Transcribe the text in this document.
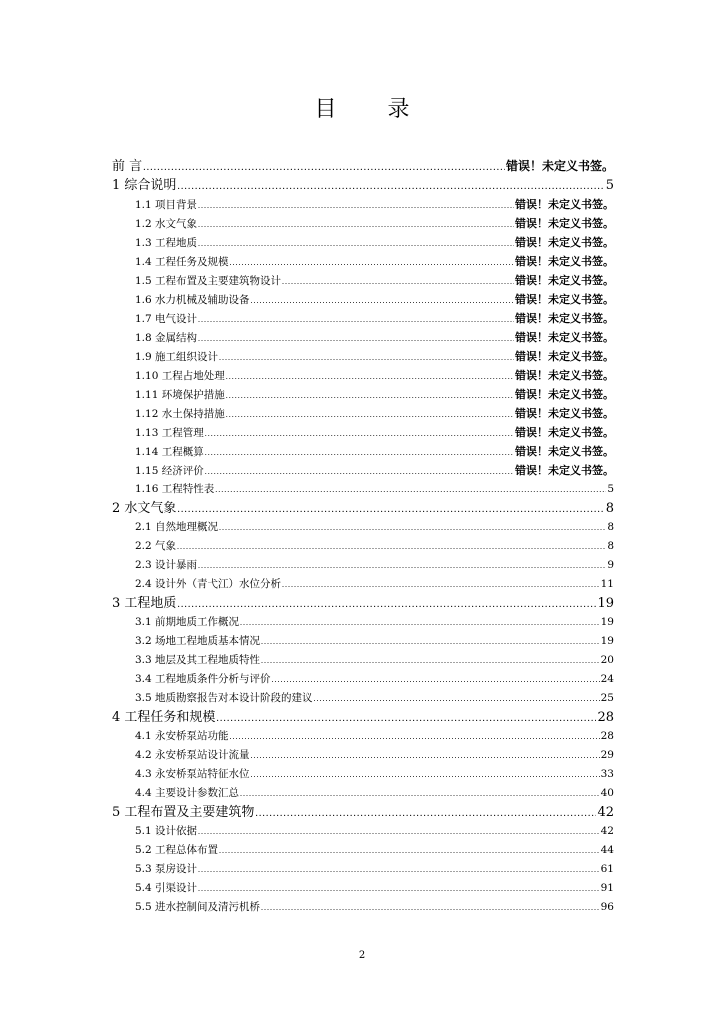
目 录
前 言 .....	错误！未定义书签。
1 综合说明 .....	5
1.1 项目背景 .....	错误！未定义书签。
1.2 水文气象 .....	错误！未定义书签。
1.3 工程地质 .....	错误！未定义书签。
1.4 工程任务及规模 .....	错误！未定义书签。
1.5 工程布置及主要建筑物设计 .....	错误！未定义书签。
1.6 水力机械及辅助设备 .....	错误！未定义书签。
1.7 电气设计 .....	错误！未定义书签。
1.8 金属结构 .....	错误！未定义书签。
1.9 施工组织设计 .....	错误！未定义书签。
1.10 工程占地处理 .....	错误！未定义书签。
1.11 环境保护措施 .....	错误！未定义书签。
1.12 水土保持措施 .....	错误！未定义书签。
1.13 工程管理 .....	错误！未定义书签。
1.14 工程概算 .....	错误！未定义书签。
1.15 经济评价 .....	错误！未定义书签。
1.16 工程特性表 .....	5
2 水文气象 .....	8
2.1 自然地理概况 .....	8
2.2 气象 .....	8
2.3 设计暴雨 .....	9
2.4 设计外（青弋江）水位分析 .....	11
3 工程地质 .....	19
3.1 前期地质工作概况 .....	19
3.2 场地工程地质基本情况 .....	19
3.3 地层及其工程地质特性 .....	20
3.4 工程地质条件分析与评价 .....	24
3.5 地质勘察报告对本设计阶段的建议 .....	25
4 工程任务和规模 .....	28
4.1 永安桥泵站功能 .....	28
4.2 永安桥泵站设计流量 .....	29
4.3 永安桥泵站特征水位 .....	33
4.4 主要设计参数汇总 .....	40
5 工程布置及主要建筑物 .....	42
5.1 设计依据 .....	42
5.2 工程总体布置 .....	44
5.3 泵房设计 .....	61
5.4 引渠设计 .....	91
5.5 进水控制间及清污机桥 .....	96
2
